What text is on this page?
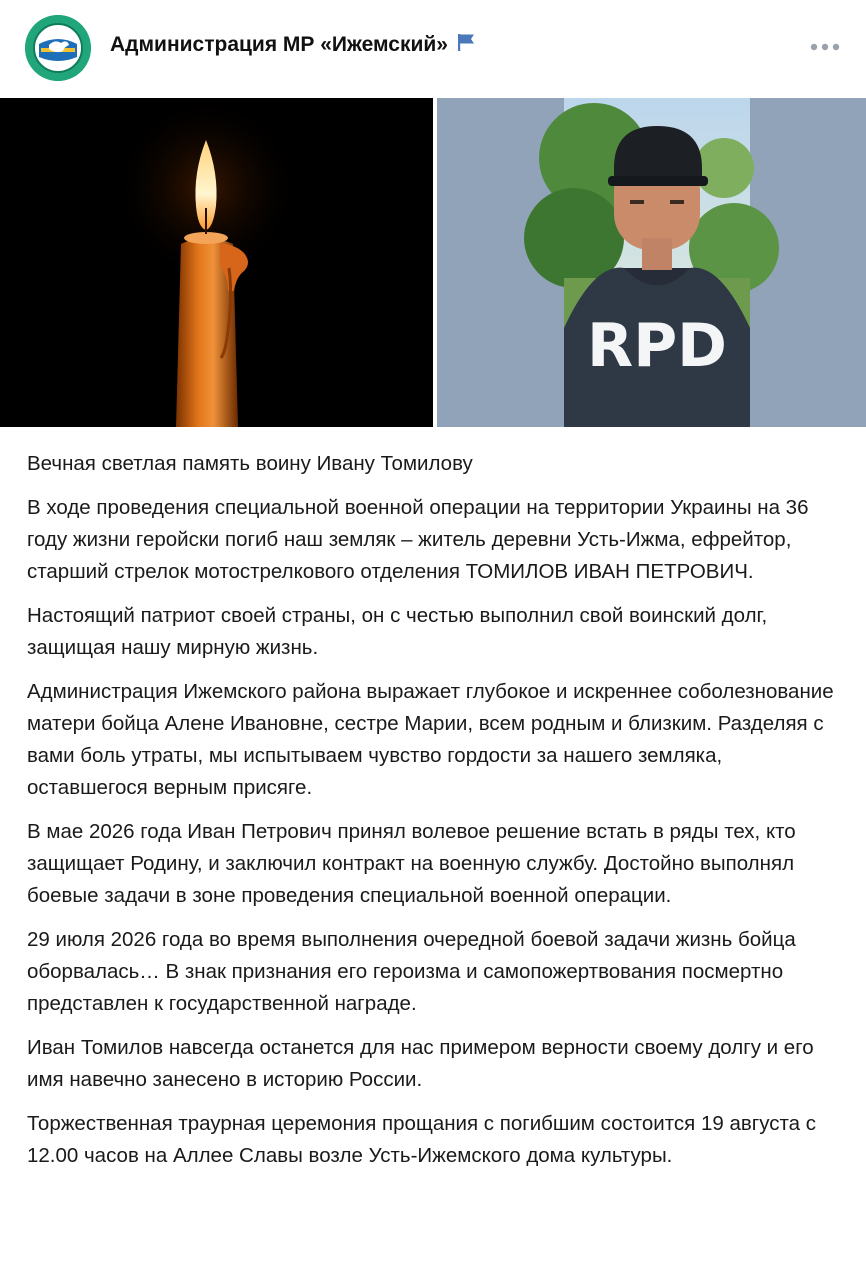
Администрация МР «Ижемский»
RPD

Вечная светлая память воину Ивану Томилову

В ходе проведения специальной военной операции на территории Украины на 36 году жизни геройски погиб наш земляк – житель деревни Усть-Ижма, ефрейтор, старший стрелок мотострелкового отделения ТОМИЛОВ ИВАН ПЕТРОВИЧ.

Настоящий патриот своей страны, он с честью выполнил свой воинский долг, защищая нашу мирную жизнь.

Администрация Ижемского района выражает глубокое и искреннее соболезнование матери бойца Алене Ивановне, сестре Марии, всем родным и близким. Разделяя с вами боль утраты, мы испытываем чувство гордости за нашего земляка, оставшегося верным присяге.

В мае 2026 года Иван Петрович принял волевое решение встать в ряды тех, кто защищает Родину, и заключил контракт на военную службу. Достойно выполнял боевые задачи в зоне проведения специальной военной операции.

29 июля 2026 года во время выполнения очередной боевой задачи жизнь бойца оборвалась… В знак признания его героизма и самопожертвования посмертно представлен к государственной награде.

Иван Томилов навсегда останется для нас примером верности своему долгу и его имя навечно занесено в историю России.

Торжественная траурная церемония прощания с погибшим состоится 19 августа с 12.00 часов на Аллее Славы возле Усть-Ижемского дома культуры.
